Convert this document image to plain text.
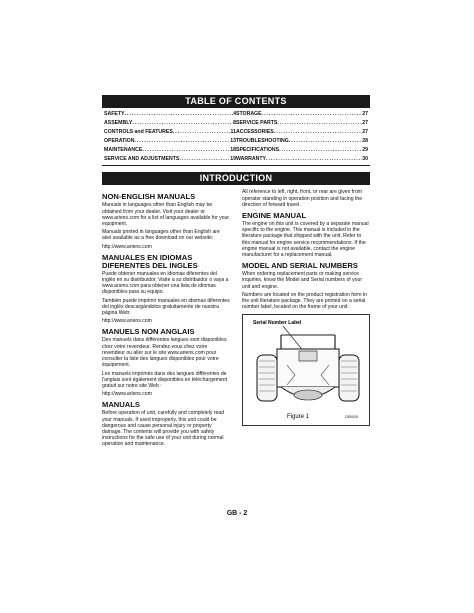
TABLE OF CONTENTS
SAFETY .....	4
ASSEMBLY .....	8
CONTROLS and FEATURES .....	11
OPERATION .....	13
MAINTENANCE .....	18
SERVICE AND ADJUSTMENTS .....	19
STORAGE .....	27
SERVICE PARTS .....	27
ACCESSORIES .....	27
TROUBLESHOOTING .....	28
SPECIFICATIONS .....	29
WARRANTY .....	30
INTRODUCTION
NON-ENGLISH MANUALS

Manuals in languages other than English may be obtained from your dealer. Visit your dealer or www.ariens.com for a list of languages available for your equipment.

Manuals printed in languages other than English are also available as a free download on our website:

http://www.ariens.com

MANUALES EN IDIOMAS DIFERENTES DEL INGLES

Puede obtener manuales en idiomas diferentes del inglés en su distribuidor. Visite a su distribuidor o vaya a www.ariens.com para obtener una lista de idiomas disponibles para su equipo.

También puede imprimir manuales en idiomas diferentes del inglés descargándolos gratuitamente de nuestra página Web:

http://www.ariens.com

MANUELS NON ANGLAIS

Des manuels dans différentes langues sont disponibles chez votre revendeur. Rendez-vous chez votre revendeur ou aller sur le site www.ariens.com pour consulter la liste des langues disponibles pour votre équipement.

Les manuels imprimés dans des langues différentes de l'anglais sont également disponibles en téléchargement gratuit sur notre site Web :

http://www.ariens.com

MANUALS

Before operation of unit, carefully and completely read your manuals. If used improperly, this unit could be dangerous and cause personal injury or property damage. The contents will provide you with safety instructions for the safe use of your unit during normal operation and maintenance.

All reference to left, right, front, or rear are given from operator standing in operation position and facing the direction of forward travel.

ENGINE MANUAL

The engine on this unit is covered by a separate manual specific to the engine. This manual is included in the literature package that shipped with the unit. Refer to this manual for engine service recommendations. If the engine manual is not available, contact the engine manufacturer for a replacement manual.

MODEL AND SERIAL NUMBERS

When ordering replacement parts or making service inquiries, know the Model and Serial numbers of your unit and engine.

Numbers are located on the product registration form in the unit literature package. They are printed on a serial number label, located on the frame of your unit.

Serial Number Label
Figure 1	OS0015
GB - 2
